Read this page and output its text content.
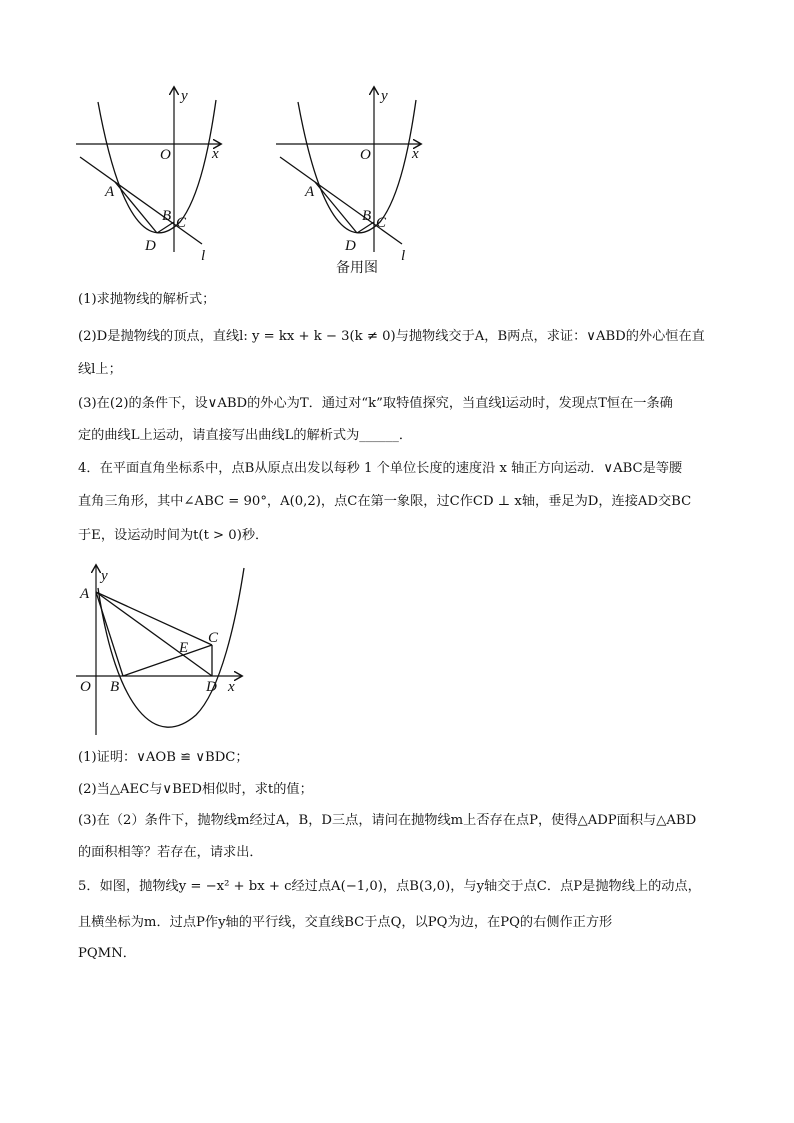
y
x
O
A
B C
D
l
y
x
O
A
B C
D
l
备用图
(1)求抛物线的解析式；
(2)D是抛物线的顶点，直线l: y = kx + k − 3(k ≠ 0)与抛物线交于A，B两点，求证：∨ABD的外心恒在直
线l上；
(3)在(2)的条件下，设∨ABD的外心为T．通过对“k”取特值探究，当直线l运动时，发现点T恒在一条确
定的曲线L上运动，请直接写出曲线L的解析式为______．
4．在平面直角坐标系中，点B从原点出发以每秒 1 个单位长度的速度沿 x 轴正方向运动．∨ABC是等腰
直角三角形，其中∠ABC = 90°，A(0,2)，点C在第一象限，过C作CD ⊥ x轴，垂足为D，连接AD交BC
于E，设运动时间为t(t > 0)秒．
y
A
C
E
O B	D x
(1)证明：∨AOB ≌ ∨BDC；
(2)当△AEC与∨BED相似时，求t的值；
(3)在（2）条件下，抛物线m经过A，B，D三点，请问在抛物线m上否存在点P，使得△ADP面积与△ABD
的面积相等？若存在，请求出．
5．如图，抛物线y = −x² + bx + c经过点A(−1,0)，点B(3,0)，与y轴交于点C．点P是抛物线上的动点，
且横坐标为m．过点P作y轴的平行线，交直线BC于点Q，以PQ为边，在PQ的右侧作正方形
PQMN．
